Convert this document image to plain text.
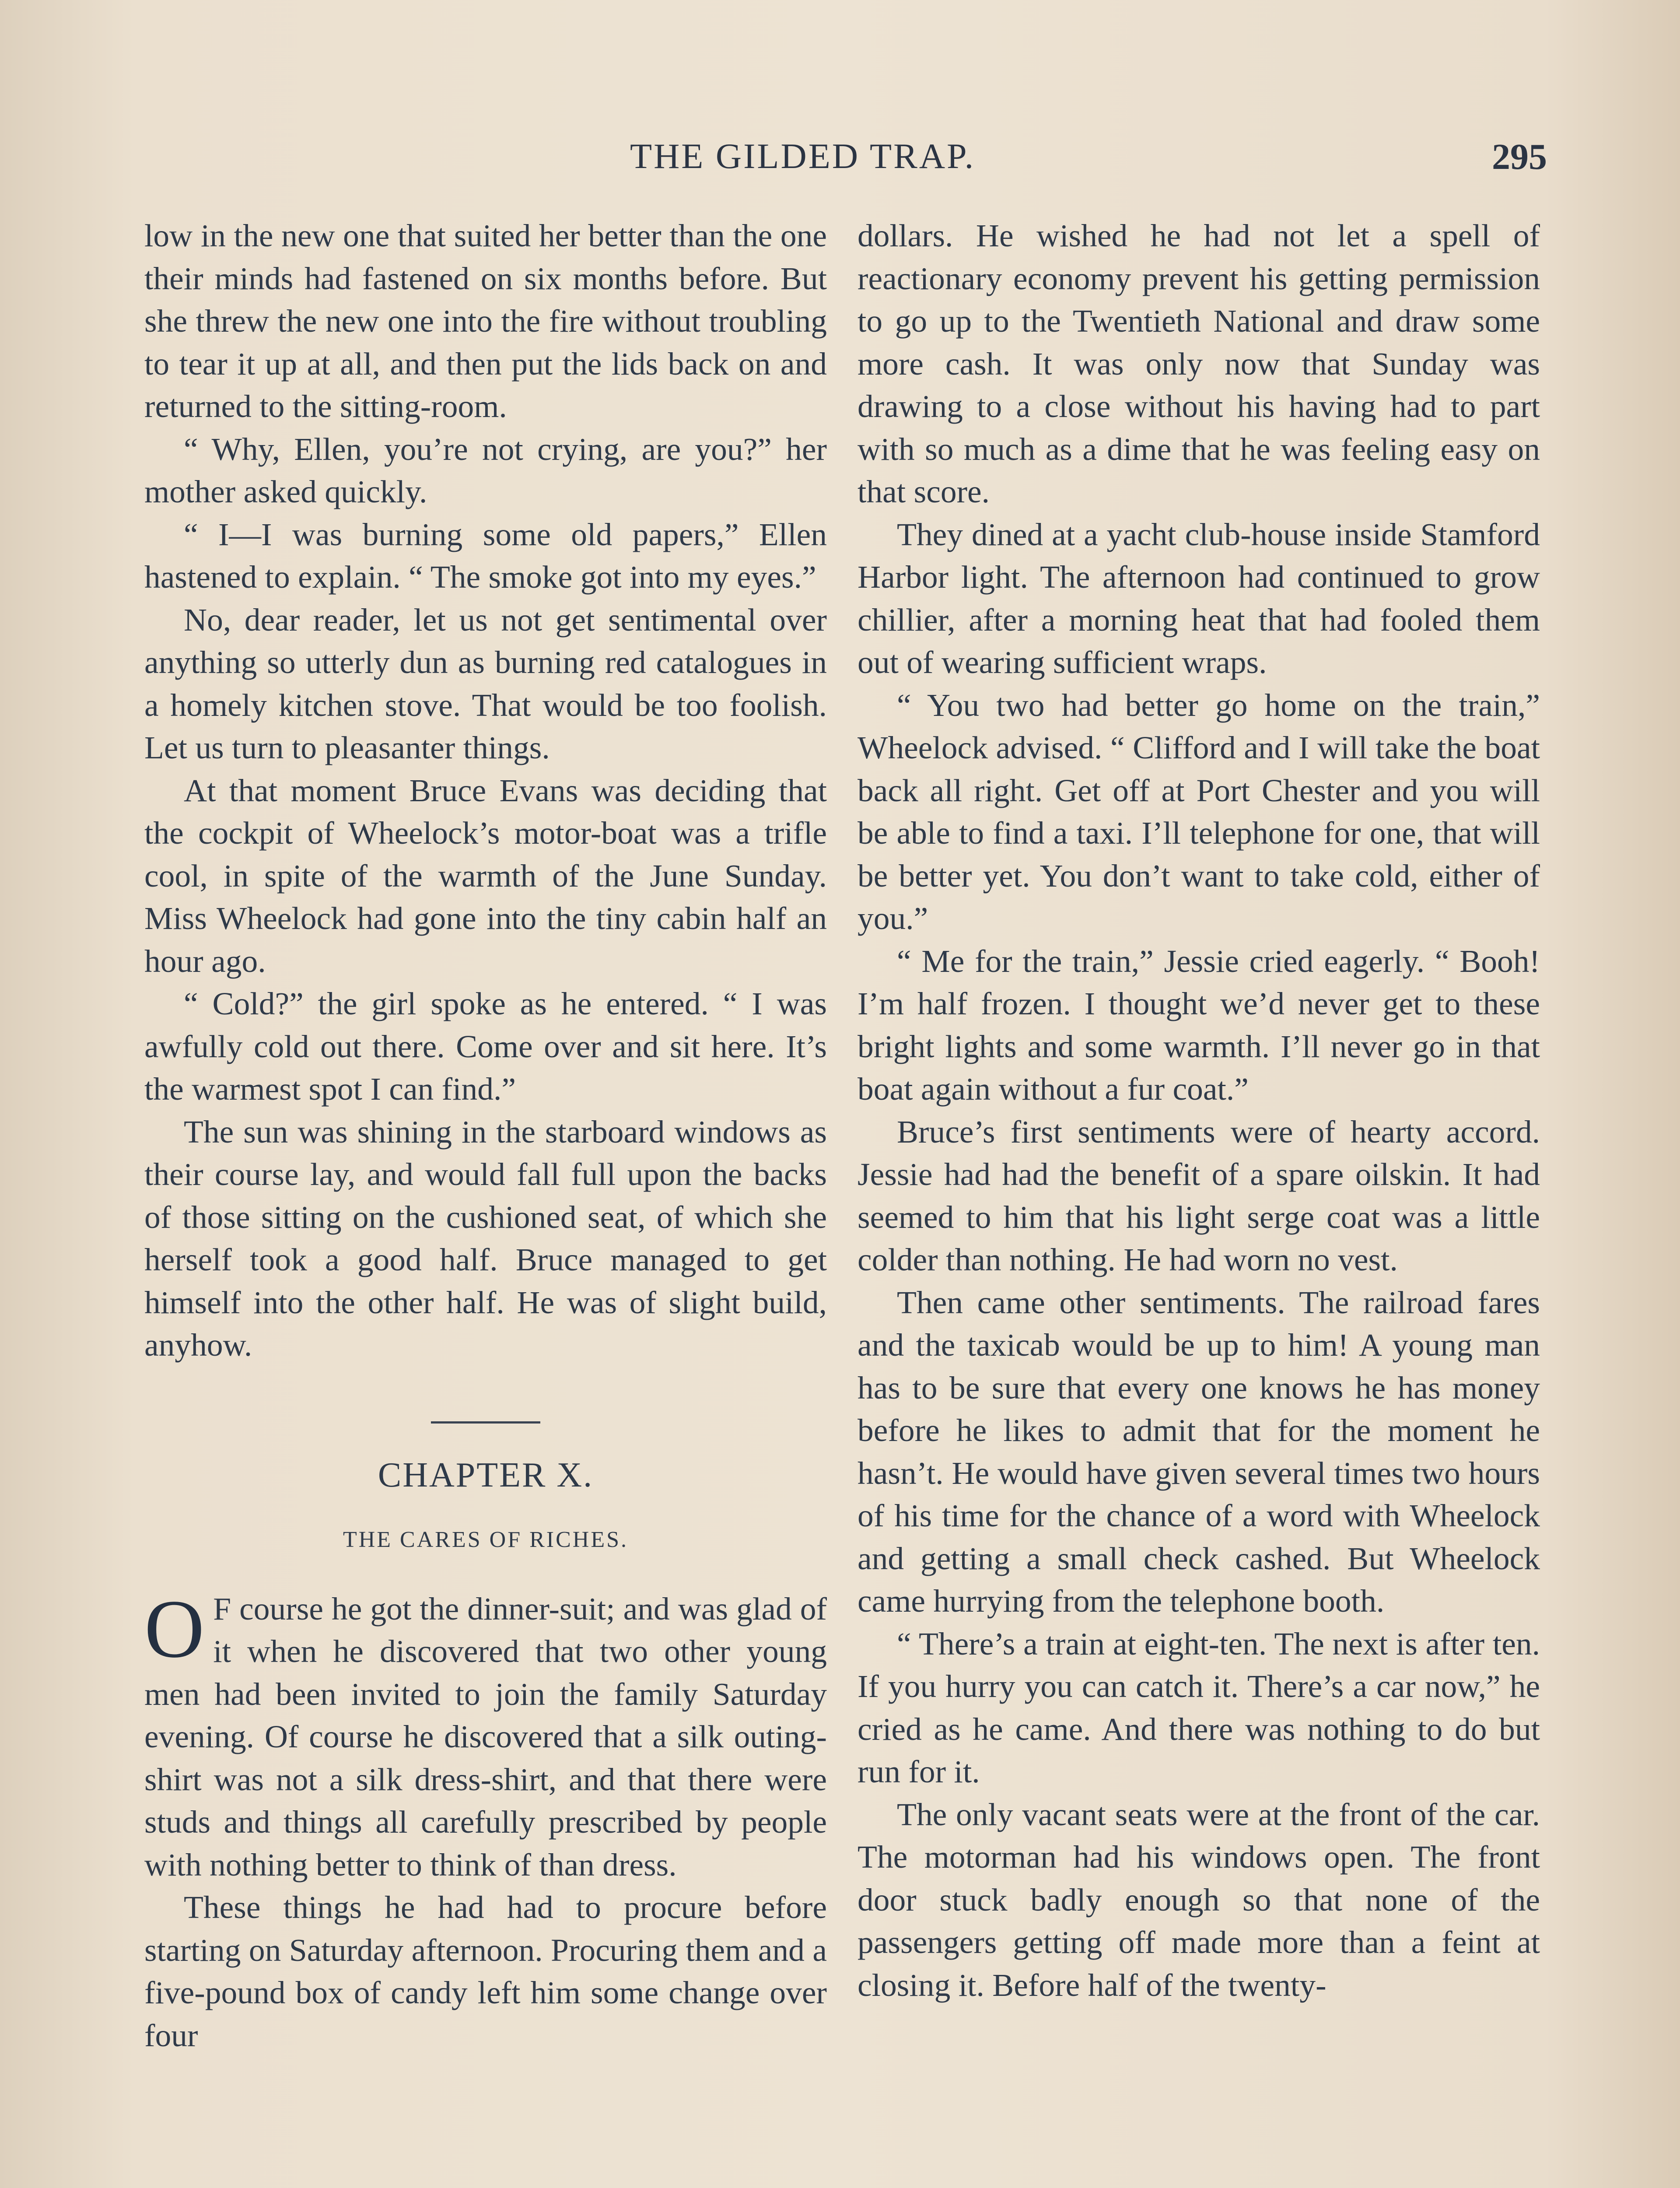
THE GILDED TRAP.	295

low in the new one that suited her better than the one their minds had fastened on six months before. But she threw the new one into the fire without troubling to tear it up at all, and then put the lids back on and returned to the sitting-room.

“ Why, Ellen, you’re not crying, are you?” her mother asked quickly.

“ I—I was burning some old papers,” Ellen hastened to explain. “ The smoke got into my eyes.”

No, dear reader, let us not get sentimental over anything so utterly dun as burning red catalogues in a homely kitchen stove. That would be too foolish. Let us turn to pleasanter things.

At that moment Bruce Evans was deciding that the cockpit of Wheelock’s motor-boat was a trifle cool, in spite of the warmth of the June Sunday. Miss Wheelock had gone into the tiny cabin half an hour ago.

“ Cold?” the girl spoke as he entered. “ I was awfully cold out there. Come over and sit here. It’s the warmest spot I can find.”

The sun was shining in the starboard windows as their course lay, and would fall full upon the backs of those sitting on the cushioned seat, of which she herself took a good half. Bruce managed to get himself into the other half. He was of slight build, anyhow.

CHAPTER X.
THE CARES OF RICHES.

O F course he got the dinner-suit; and was glad of it when he discovered that two other young men had been invited to join the family Saturday evening. Of course he discovered that a silk outing-shirt was not a silk dress-shirt, and that there were studs and things all carefully prescribed by people with nothing better to think of than dress.

These things he had had to procure before starting on Saturday afternoon. Procuring them and a five-pound box of candy left him some change over four

dollars. He wished he had not let a spell of reactionary economy prevent his getting permission to go up to the Twentieth National and draw some more cash. It was only now that Sunday was drawing to a close without his having had to part with so much as a dime that he was feeling easy on that score.

They dined at a yacht club-house inside Stamford Harbor light. The afternoon had continued to grow chillier, after a morning heat that had fooled them out of wearing sufficient wraps.

“ You two had better go home on the train,” Wheelock advised. “ Clifford and I will take the boat back all right. Get off at Port Chester and you will be able to find a taxi. I’ll telephone for one, that will be better yet. You don’t want to take cold, either of you.”

“ Me for the train,” Jessie cried eagerly. “ Booh! I’m half frozen. I thought we’d never get to these bright lights and some warmth. I’ll never go in that boat again without a fur coat.”

Bruce’s first sentiments were of hearty accord. Jessie had had the benefit of a spare oilskin. It had seemed to him that his light serge coat was a little colder than nothing. He had worn no vest.

Then came other sentiments. The railroad fares and the taxicab would be up to him! A young man has to be sure that every one knows he has money before he likes to admit that for the moment he hasn’t. He would have given several times two hours of his time for the chance of a word with Wheelock and getting a small check cashed. But Wheelock came hurrying from the telephone booth.

“ There’s a train at eight-ten. The next is after ten. If you hurry you can catch it. There’s a car now,” he cried as he came. And there was nothing to do but run for it.

The only vacant seats were at the front of the car. The motorman had his windows open. The front door stuck badly enough so that none of the passengers getting off made more than a feint at closing it. Before half of the twenty-
